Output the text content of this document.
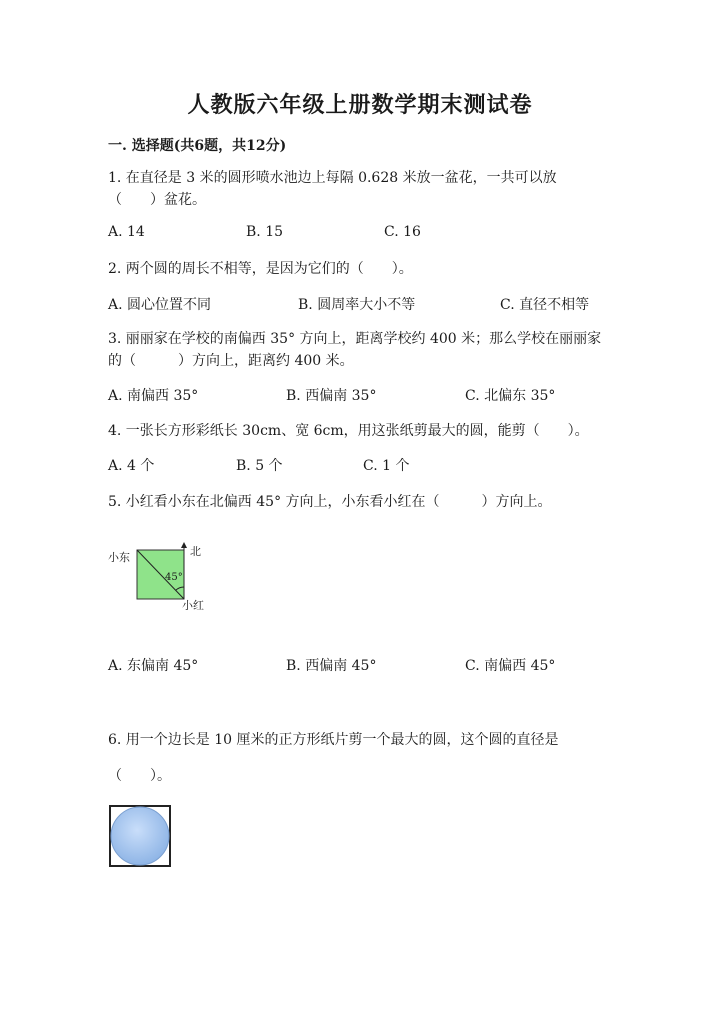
人教版六年级上册数学期末测试卷
一. 选择题(共6题，共12分)
1. 在直径是 3 米的圆形喷水池边上每隔 0.628 米放一盆花，一共可以放
（　　）盆花。
A. 14	B. 15	C. 16
2. 两个圆的周长不相等，是因为它们的（　　）。
A. 圆心位置不同	B. 圆周率大小不等	C. 直径不相等
3. 丽丽家在学校的南偏西 35° 方向上，距离学校约 400 米；那么学校在丽丽家
的（　　　）方向上，距离约 400 米。
A. 南偏西 35°	B. 西偏南 35°	C. 北偏东 35°
4. 一张长方形彩纸长 30cm、宽 6cm，用这张纸剪最大的圆，能剪（　　）。
A. 4 个	B. 5 个	C. 1 个
5. 小红看小东在北偏西 45° 方向上，小东看小红在（　　　）方向上。
小东	北
45°
小红
A. 东偏南 45°	B. 西偏南 45°	C. 南偏西 45°
6. 用一个边长是 10 厘米的正方形纸片剪一个最大的圆，这个圆的直径是
（　　）。
